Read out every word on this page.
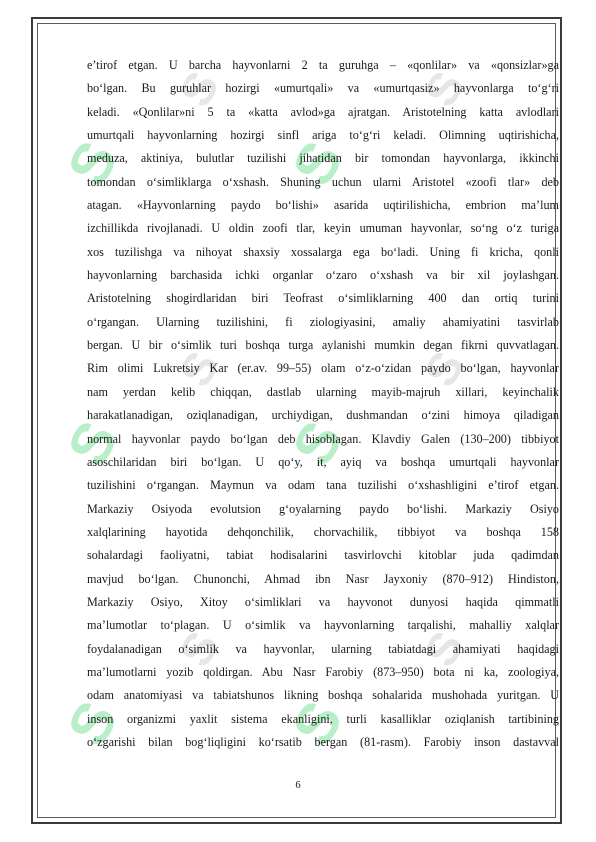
S
S
S
S
S
S
S
S
S
S
S
S
e’tirof etgan. U barcha hayvonlarni 2 ta guruhga – «qonlilar» va «qonsizlar»ga
bo‘lgan. Bu guruhlar hozirgi «umurtqali» va «umurtqasiz» hayvonlarga to‘g‘ri
keladi. «Qonlilar»ni 5 ta «katta avlod»ga ajratgan. Aristotelning katta avlodlari
umurtqali hayvonlarning hozirgi sinfl ariga to‘g‘ri keladi. Olimning uqtirishicha,
meduza, aktiniya, bulutlar tuzilishi jihatidan bir tomondan hayvonlarga, ikkinchi
tomondan o‘simliklarga o‘xshash. Shuning uchun ularni Aristotel «zoofi tlar» deb
atagan. «Hayvonlarning paydo bo‘lishi» asarida uqtirilishicha, embrion ma’lum
izchillikda rivojlanadi. U oldin zoofi tlar, keyin umuman hayvonlar, so‘ng o‘z turiga
xos tuzilishga va nihoyat shaxsiy xossalarga ega bo‘ladi. Uning fi kricha, qonli
hayvonlarning barchasida ichki organlar o‘zaro o‘xshash va bir xil joylashgan.
Aristotelning shogirdlaridan biri Teofrast o‘simliklarning 400 dan ortiq turini
o‘rgangan. Ularning tuzilishini, fi ziologiyasini, amaliy ahamiyatini tasvirlab
bergan. U bir o‘simlik turi boshqa turga aylanishi mumkin degan fikrni quvvatlagan.
Rim olimi Lukretsiy Kar (er.av. 99–55) olam o‘z-o‘zidan paydo bo‘lgan, hayvonlar
nam yerdan kelib chiqqan, dastlab ularning mayib-majruh xillari, keyinchalik
harakatlanadigan, oziqlanadigan, urchiydigan, dushmandan o‘zini himoya qiladigan
normal hayvonlar paydo bo‘lgan deb hisoblagan. Klavdiy Galen (130–200) tibbiyot
asoschilaridan biri bo‘lgan. U qo‘y, it, ayiq va boshqa umurtqali hayvonlar
tuzilishini o‘rgangan. Maymun va odam tana tuzilishi o‘xshashligini e’tirof etgan.
Markaziy Osiyoda evolutsion g‘oyalarning paydo bo‘lishi. Markaziy Osiyo
xalqlarining hayotida dehqonchilik, chorvachilik, tibbiyot va boshqa 158
sohalardagi faoliyatni, tabiat hodisalarini tasvirlovchi kitoblar juda qadimdan
mavjud bo‘lgan. Chunonchi, Ahmad ibn Nasr Jayxoniy (870–912) Hindiston,
Markaziy Osiyo, Xitoy o‘simliklari va hayvonot dunyosi haqida qimmatli
ma’lumotlar to‘plagan. U o‘simlik va hayvonlarning tarqalishi, mahalliy xalqlar
foydalanadigan o‘simlik va hayvonlar, ularning tabiatdagi ahamiyati haqidagi
ma’lumotlarni yozib qoldirgan. Abu Nasr Farobiy (873–950) bota ni ka, zoologiya,
odam anatomiyasi va tabiatshunos likning boshqa sohalarida mushohada yuritgan. U
inson organizmi yaxlit sistema ekanligini, turli kasalliklar oziqlanish tartibining
o‘zgarishi bilan bog‘liqligini ko‘rsatib bergan (81-rasm). Farobiy inson dastavval
6
